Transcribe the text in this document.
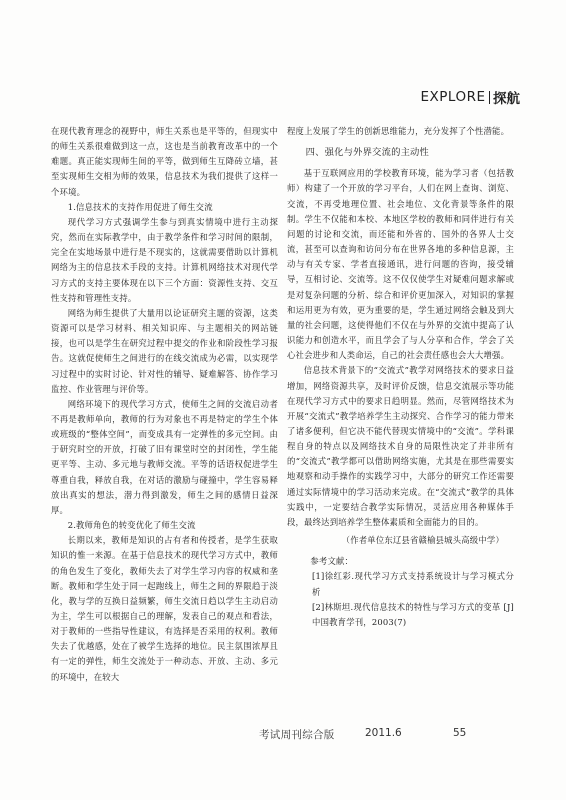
EXPLORE 探航

在现代教育理念的视野中，师生关系也是平等的，但现实中的师生关系很难做到这一点，这也是当前教育改革中的一个难题。真正能实现师生间的平等，做到师生互降砖立墙，甚至实现师生交相为师的效果，信息技术为我们提供了这样一个环境。

1.信息技术的支持作用促进了师生交流

现代学习方式强调学生参与到真实情境中进行主动探究，然而在实际教学中，由于教学条件和学习时间的限制，完全在实地场景中进行是不现实的，这就需要借助以计算机网络为主的信息技术手段的支持。计算机网络技术对现代学习方式的支持主要体现在以下三个方面：资源性支持、交互性支持和管理性支持。

网络为师生提供了大量用以论证研究主题的资源，这类资源可以是学习材料、相关知识库、与主题相关的网站链接，也可以是学生在研究过程中提交的作业和阶段性学习报告。这就促使师生之间进行的在线交流成为必需，以实现学习过程中的实时讨论、针对性的辅导、疑难解答、协作学习监控、作业管理与评价等。

网络环境下的现代学习方式，使师生之间的交流启动者不再是教师单向，教师的行为对象也不再是特定的学生个体或班级的“整体空间”，而变成具有一定弹性的多元空间。由于研究时空的开放，打破了旧有课堂时空的封闭性，学生能更平等、主动、多元地与教师交流。平等的话语权促进学生尊重自我，释放自我，在对话的激励与碰撞中，学生容易释放出真实的想法，潜力得到激发，师生之间的感情日益深厚。

2.教师角色的转变优化了师生交流

长期以来，教师是知识的占有者和传授者，是学生获取知识的惟一来源。在基于信息技术的现代学习方式中，教师的角色发生了变化，教师失去了对学生学习内容的权威和垄断。教师和学生处于同一起跑线上，师生之间的界限趋于淡化，教与学的互换日益频繁，师生交流日趋以学生主动启动为主，学生可以根据自己的理解，发表自己的观点和看法，对于教师的一些指导性建议，有选择是否采用的权利。教师失去了优越感，处在了被学生选择的地位。民主氛围浓厚且有一定的弹性，师生交流处于一种动态、开放、主动、多元的环境中，在较大

程度上发展了学生的创新思维能力，充分发挥了个性潜能。

四、强化与外界交流的主动性

基于互联网应用的学校教育环境，能为学习者（包括教师）构建了一个开放的学习平台，人们在网上查询、浏览、交流，不再受地理位置、社会地位、文化背景等条件的限制。学生不仅能和本校、本地区学校的教师和同伴进行有关问题的讨论和交流，而还能和外省的、国外的各界人士交流，甚至可以查询和访问分布在世界各地的多种信息源，主动与有关专家、学者直接通讯，进行问题的咨询，接受辅导，互相讨论、交流等。这不仅仅使学生对疑难问题求解或是对复杂问题的分析、综合和评价更加深入，对知识的掌握和运用更为有效，更为重要的是，学生通过网络会触及到大量的社会问题，这使得他们不仅在与外界的交流中提高了认识能力和创造水平，而且学会了与人分享和合作，学会了关心社会进步和人类命运，自己的社会责任感也会大大增强。

信息技术背景下的“交流式”教学对网络技术的要求日益增加，网络资源共享，及时评价反馈，信息交流展示等功能在现代学习方式中的要求日趋明显。然而，尽管网络技术为开展“交流式”教学培养学生主动探究、合作学习的能力带来了诸多便利，但它决不能代替现实情境中的“交流”。学科课程自身的特点以及网络技术自身的局限性决定了并非所有的“交流式”教学都可以借助网络实施，尤其是在那些需要实地观察和动手操作的实践学习中，大部分的研究工作还需要通过实际情境中的学习活动来完成。在“交流式”教学的具体实践中，一定要结合教学实际情况，灵活应用各种媒体手段，最终达到培养学生整体素质和全面能力的目的。

（作者单位东辽县省赣榆县城头高级中学）

参考文献：

[1]徐红彩.现代学习方式支持系统设计与学习模式分析

[2]林斯坦.现代信息技术的特性与学习方式的变革 [J]中国教育学刊，2003(7)

考试周刊综合版	2011.6	55
